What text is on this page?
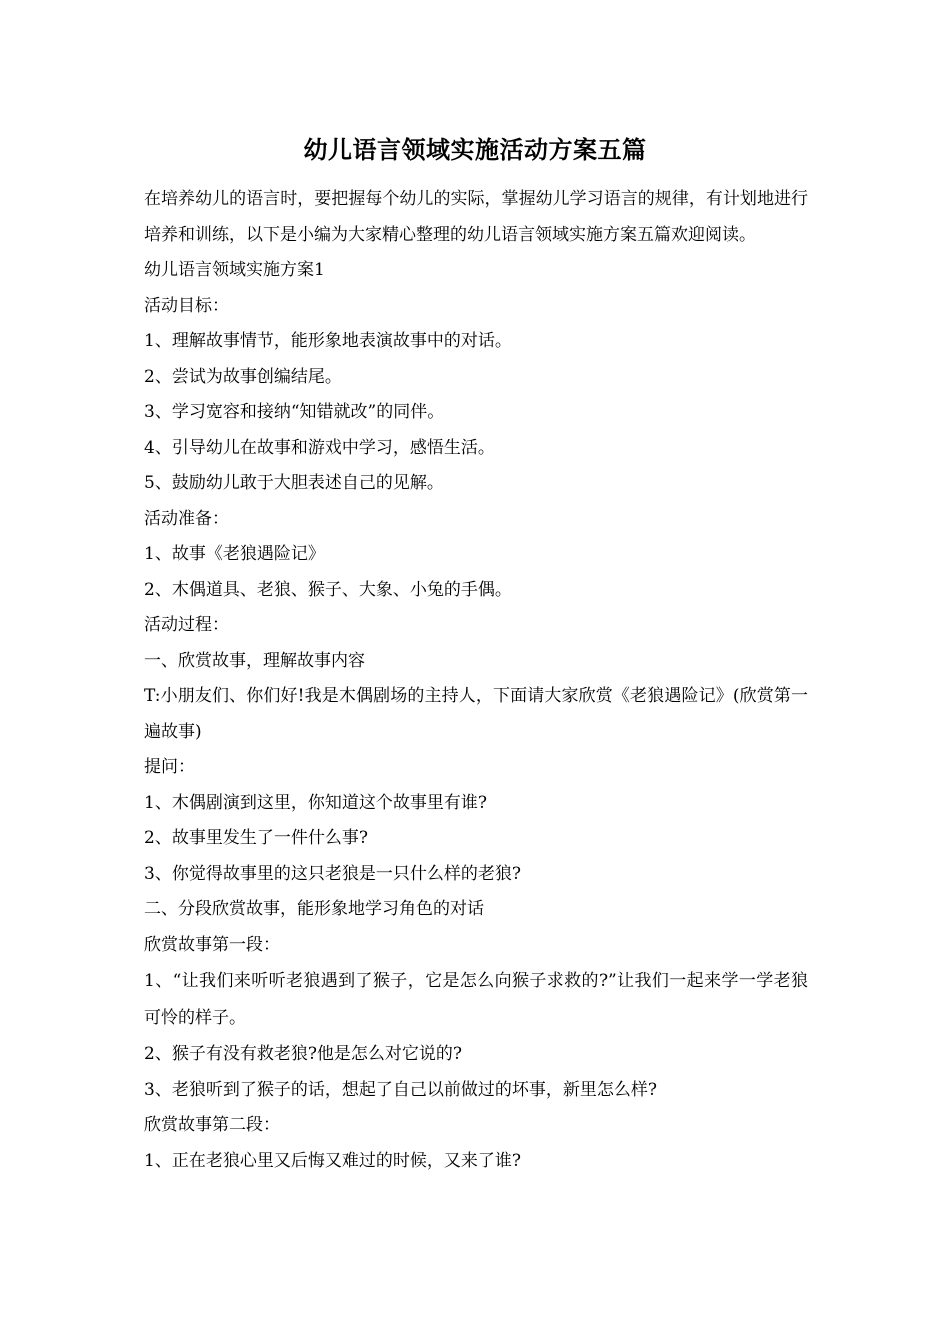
幼儿语言领域实施活动方案五篇
在培养幼儿的语言时，要把握每个幼儿的实际，掌握幼儿学习语言的规律，有计划地进行培养和训练，以下是小编为大家精心整理的幼儿语言领域实施方案五篇欢迎阅读。
幼儿语言领域实施方案1
活动目标：
1、理解故事情节，能形象地表演故事中的对话。
2、尝试为故事创编结尾。
3、学习宽容和接纳“知错就改”的同伴。
4、引导幼儿在故事和游戏中学习，感悟生活。
5、鼓励幼儿敢于大胆表述自己的见解。
活动准备：
1、故事《老狼遇险记》
2、木偶道具、老狼、猴子、大象、小兔的手偶。
活动过程：
一、欣赏故事，理解故事内容
T:小朋友们、你们好!我是木偶剧场的主持人，下面请大家欣赏《老狼遇险记》(欣赏第一遍故事)
提问：
1、木偶剧演到这里，你知道这个故事里有谁?
2、故事里发生了一件什么事?
3、你觉得故事里的这只老狼是一只什么样的老狼?
二、分段欣赏故事，能形象地学习角色的对话
欣赏故事第一段：
1、“让我们来听听老狼遇到了猴子，它是怎么向猴子求救的?”让我们一起来学一学老狼可怜的样子。
2、猴子有没有救老狼?他是怎么对它说的?
3、老狼听到了猴子的话，想起了自己以前做过的坏事，新里怎么样?
欣赏故事第二段：
1、正在老狼心里又后悔又难过的时候，又来了谁?
